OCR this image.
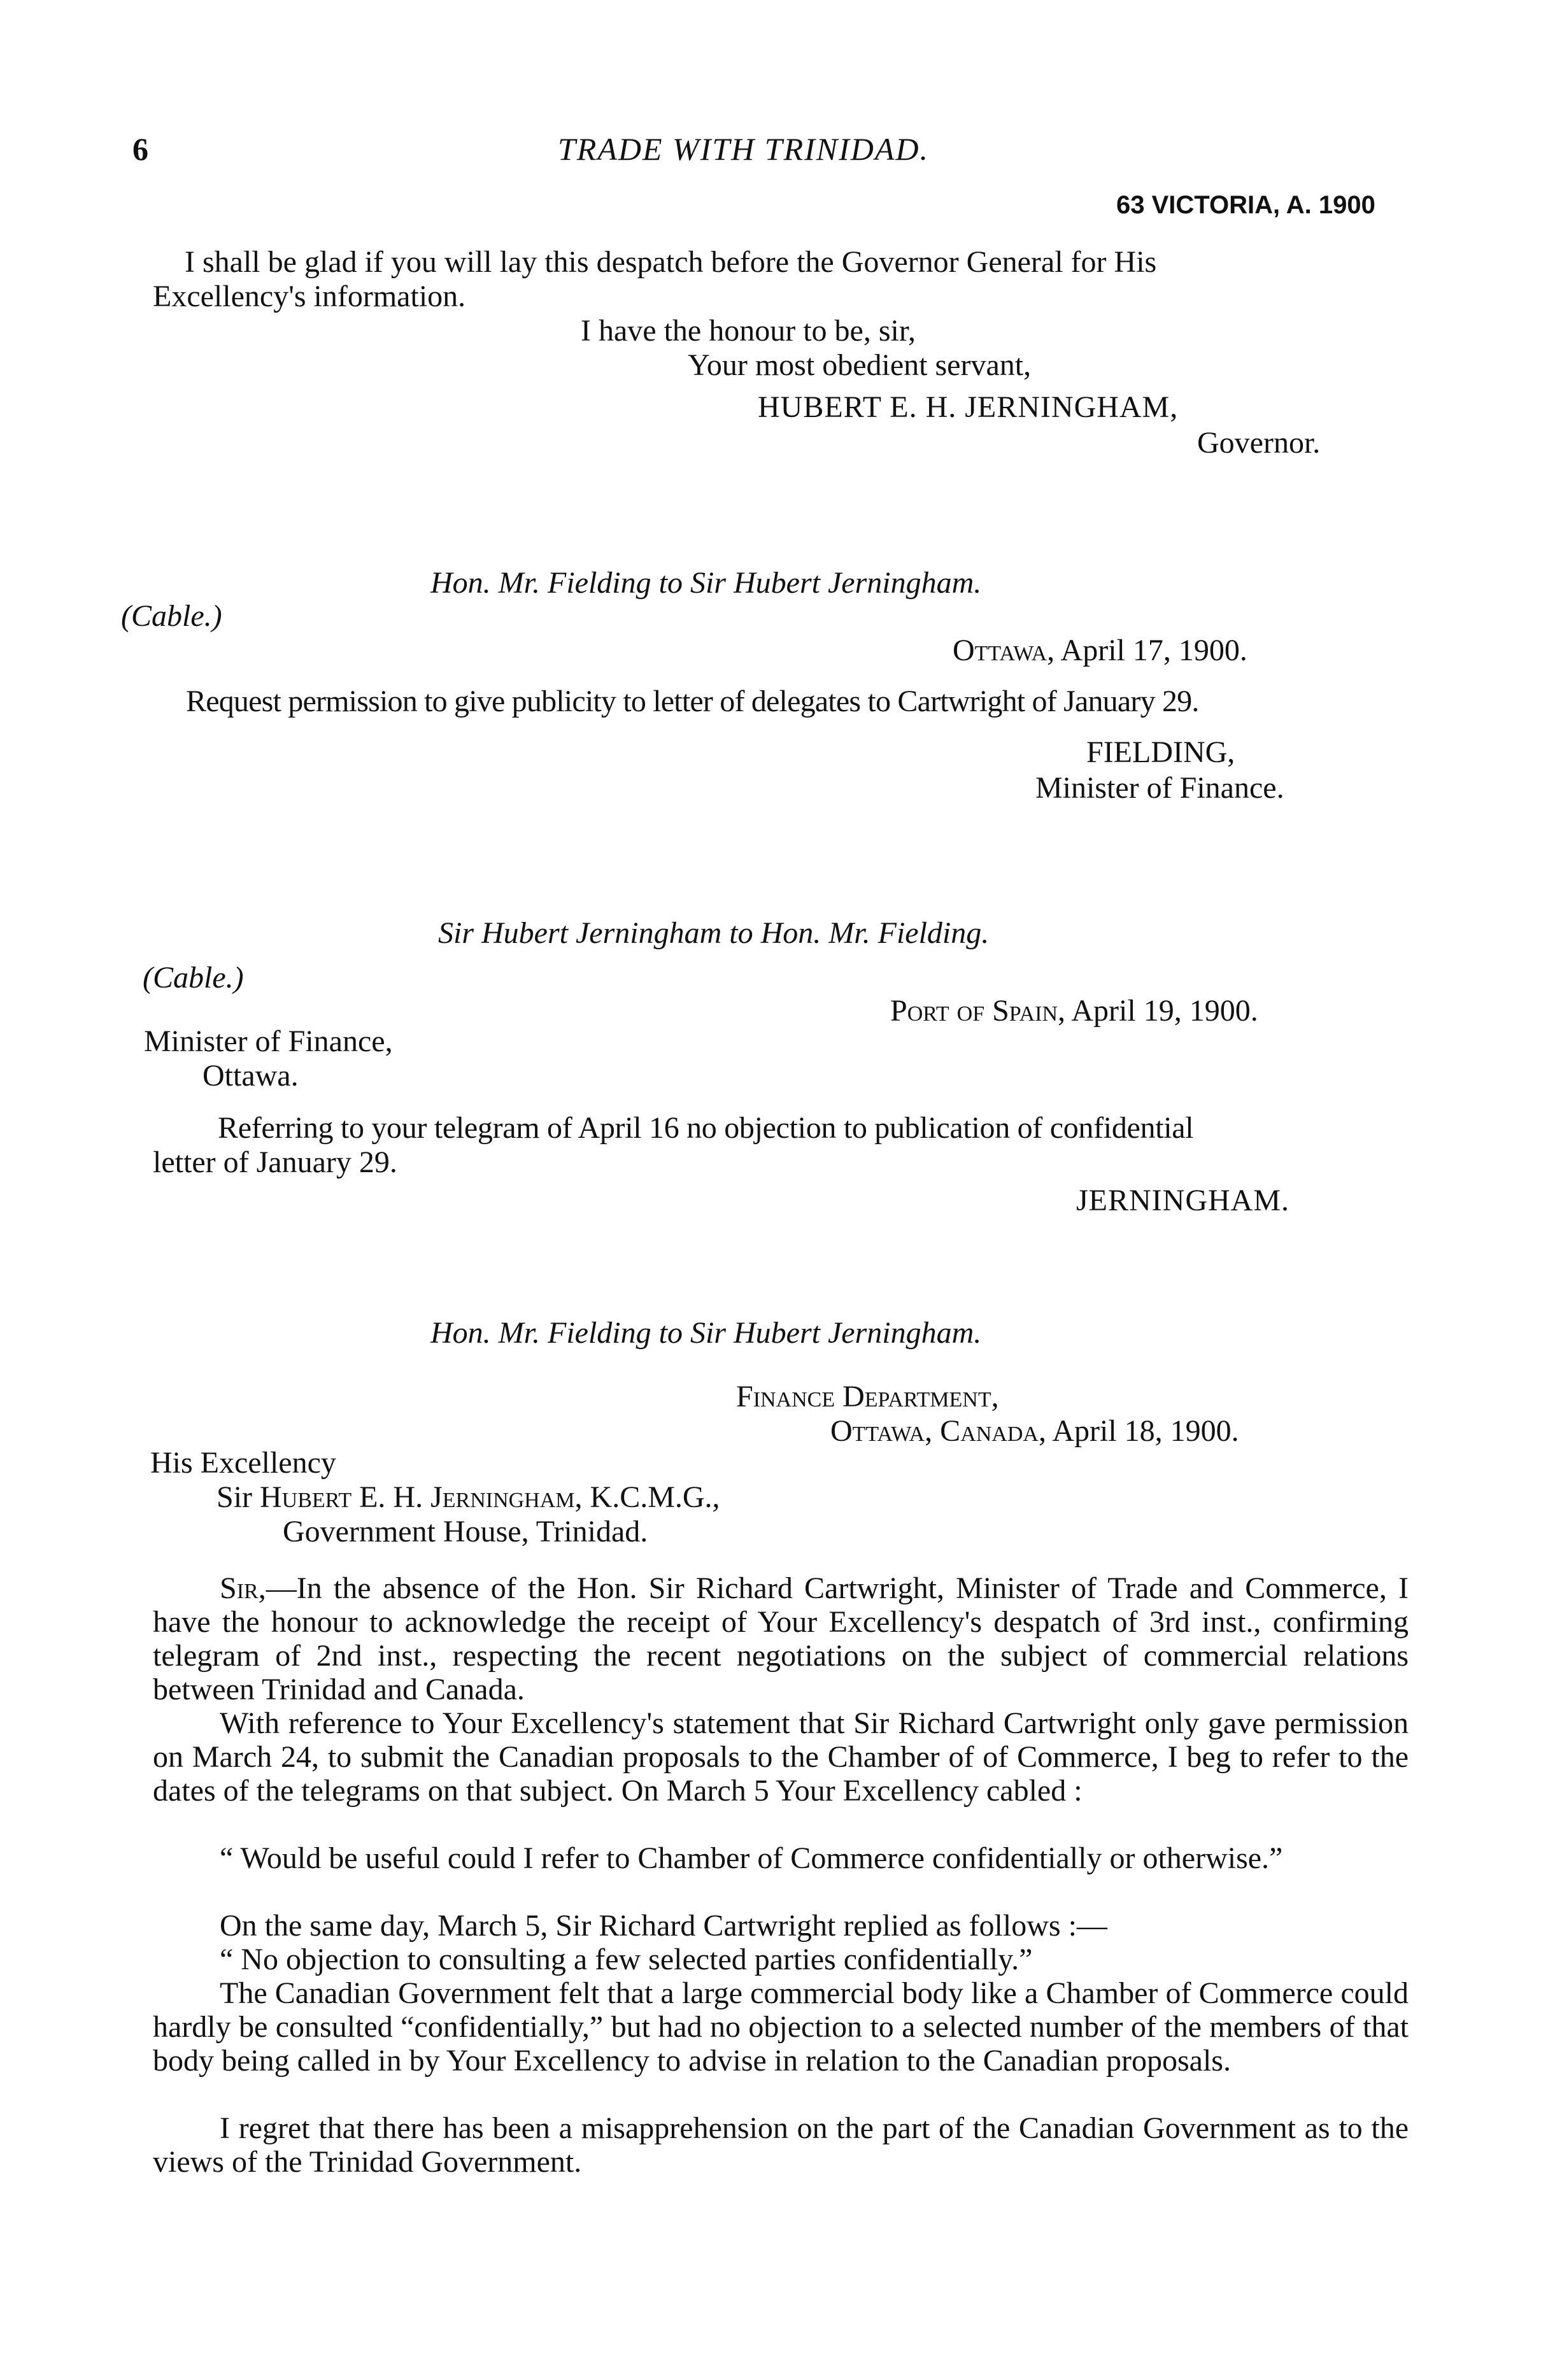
6	TRADE WITH TRINIDAD.
63 VICTORIA, A. 1900
I shall be glad if you will lay this despatch before the Governor General for His
Excellency's information.
I have the honour to be, sir,
Your most obedient servant,
HUBERT E. H. JERNINGHAM,
Governor.
Hon. Mr. Fielding to Sir Hubert Jerningham.
(Cable.)
Ottawa, April 17, 1900.
Request permission to give publicity to letter of delegates to Cartwright of January 29.
FIELDING,
Minister of Finance.
Sir Hubert Jerningham to Hon. Mr. Fielding.
(Cable.)
Port of Spain, April 19, 1900.
Minister of Finance,
Ottawa.
Referring to your telegram of April 16 no objection to publication of confidential
letter of January 29.
JERNINGHAM.
Hon. Mr. Fielding to Sir Hubert Jerningham.
Finance Department,
Ottawa, Canada, April 18, 1900.
His Excellency
Sir Hubert E. H. Jerningham, K.C.M.G.,
Government House, Trinidad.
Sir,—In the absence of the Hon. Sir Richard Cartwright, Minister of Trade and Commerce, I have the honour to acknowledge the receipt of Your Excellency's despatch of 3rd inst., confirming telegram of 2nd inst., respecting the recent negotiations on the subject of commercial relations between Trinidad and Canada.
With reference to Your Excellency's statement that Sir Richard Cartwright only gave permission on March 24, to submit the Canadian proposals to the Chamber of of Commerce, I beg to refer to the dates of the telegrams on that subject. On March 5 Your Excellency cabled :
“ Would be useful could I refer to Chamber of Commerce confidentially or otherwise.”
On the same day, March 5, Sir Richard Cartwright replied as follows :—
“ No objection to consulting a few selected parties confidentially.”
The Canadian Government felt that a large commercial body like a Chamber of Commerce could hardly be consulted “confidentially,” but had no objection to a selected number of the members of that body being called in by Your Excellency to advise in relation to the Canadian proposals.
I regret that there has been a misapprehension on the part of the Canadian Government as to the views of the Trinidad Government.
